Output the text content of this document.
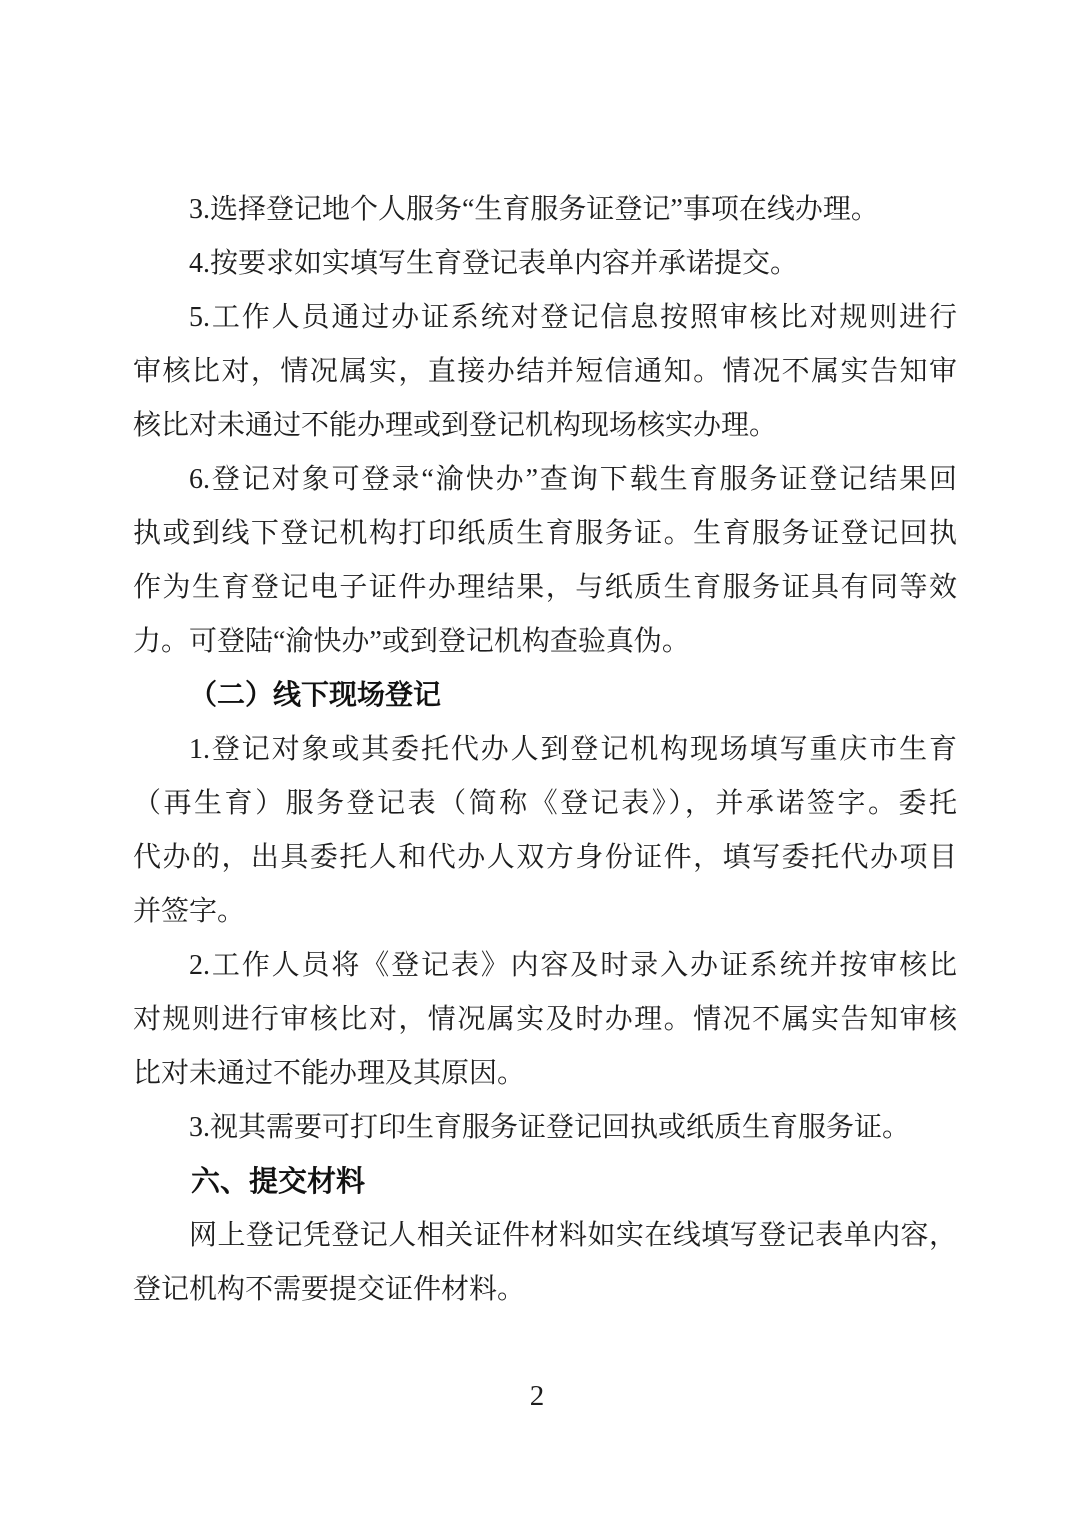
3.选择登记地个人服务“生育服务证登记”事项在线办理。
4.按要求如实填写生育登记表单内容并承诺提交。
5.工作人员通过办证系统对登记信息按照审核比对规则进行
审核比对，情况属实，直接办结并短信通知。情况不属实告知审
核比对未通过不能办理或到登记机构现场核实办理。
6.登记对象可登录“渝快办”查询下载生育服务证登记结果回
执或到线下登记机构打印纸质生育服务证。生育服务证登记回执
作为生育登记电子证件办理结果，与纸质生育服务证具有同等效
力。可登陆“渝快办”或到登记机构查验真伪。
（二）线下现场登记
1.登记对象或其委托代办人到登记机构现场填写重庆市生育
（再生育）服务登记表（简称《登记表》），并承诺签字。委托
代办的，出具委托人和代办人双方身份证件，填写委托代办项目
并签字。
2.工作人员将《登记表》内容及时录入办证系统并按审核比
对规则进行审核比对，情况属实及时办理。情况不属实告知审核
比对未通过不能办理及其原因。
3.视其需要可打印生育服务证登记回执或纸质生育服务证。
六、提交材料
网上登记凭登记人相关证件材料如实在线填写登记表单内容，
登记机构不需要提交证件材料。
2
